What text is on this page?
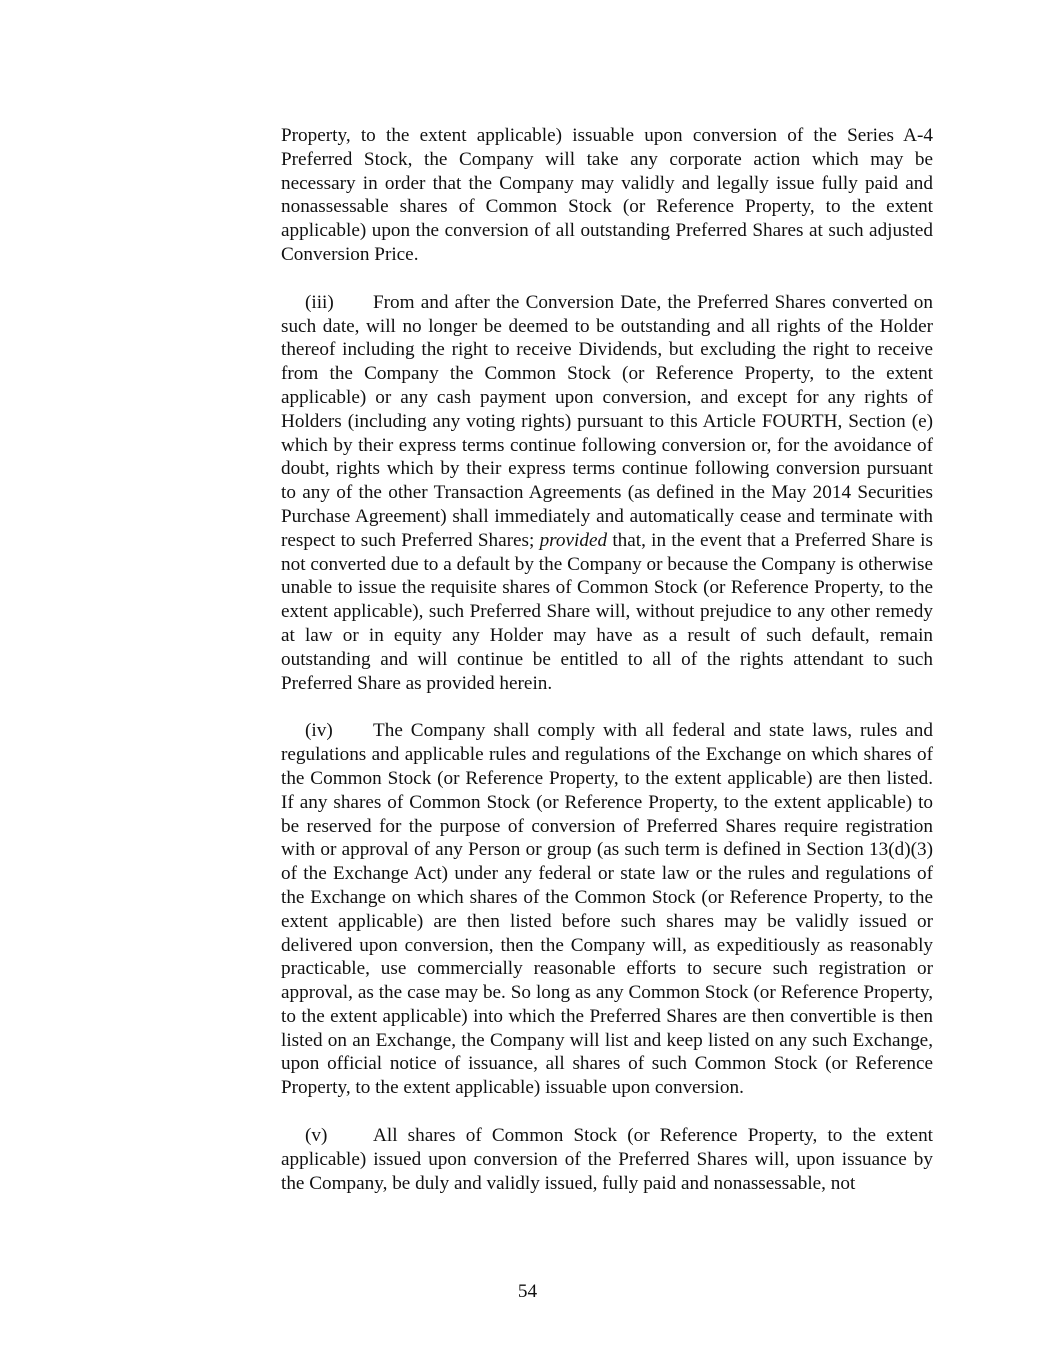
Property, to the extent applicable) issuable upon conversion of the Series A-4 Preferred Stock, the Company will take any corporate action which may be necessary in order that the Company may validly and legally issue fully paid and nonassessable shares of Common Stock (or Reference Property, to the extent applicable) upon the conversion of all outstanding Preferred Shares at such adjusted Conversion Price.

(iii) From and after the Conversion Date, the Preferred Shares converted on such date, will no longer be deemed to be outstanding and all rights of the Holder thereof including the right to receive Dividends, but excluding the right to receive from the Company the Common Stock (or Reference Property, to the extent applicable) or any cash payment upon conversion, and except for any rights of Holders (including any voting rights) pursuant to this Article FOURTH, Section (e) which by their express terms continue following conversion or, for the avoidance of doubt, rights which by their express terms continue following conversion pursuant to any of the other Transaction Agreements (as defined in the May 2014 Securities Purchase Agreement) shall immediately and automatically cease and terminate with respect to such Preferred Shares; provided that, in the event that a Preferred Share is not converted due to a default by the Company or because the Company is otherwise unable to issue the requisite shares of Common Stock (or Reference Property, to the extent applicable), such Preferred Share will, without prejudice to any other remedy at law or in equity any Holder may have as a result of such default, remain outstanding and will continue be entitled to all of the rights attendant to such Preferred Share as provided herein.

(iv) The Company shall comply with all federal and state laws, rules and regulations and applicable rules and regulations of the Exchange on which shares of the Common Stock (or Reference Property, to the extent applicable) are then listed. If any shares of Common Stock (or Reference Property, to the extent applicable) to be reserved for the purpose of conversion of Preferred Shares require registration with or approval of any Person or group (as such term is defined in Section 13(d)(3) of the Exchange Act) under any federal or state law or the rules and regulations of the Exchange on which shares of the Common Stock (or Reference Property, to the extent applicable) are then listed before such shares may be validly issued or delivered upon conversion, then the Company will, as expeditiously as reasonably practicable, use commercially reasonable efforts to secure such registration or approval, as the case may be. So long as any Common Stock (or Reference Property, to the extent applicable) into which the Preferred Shares are then convertible is then listed on an Exchange, the Company will list and keep listed on any such Exchange, upon official notice of issuance, all shares of such Common Stock (or Reference Property, to the extent applicable) issuable upon conversion.

(v) All shares of Common Stock (or Reference Property, to the extent applicable) issued upon conversion of the Preferred Shares will, upon issuance by the Company, be duly and validly issued, fully paid and nonassessable, not

54
